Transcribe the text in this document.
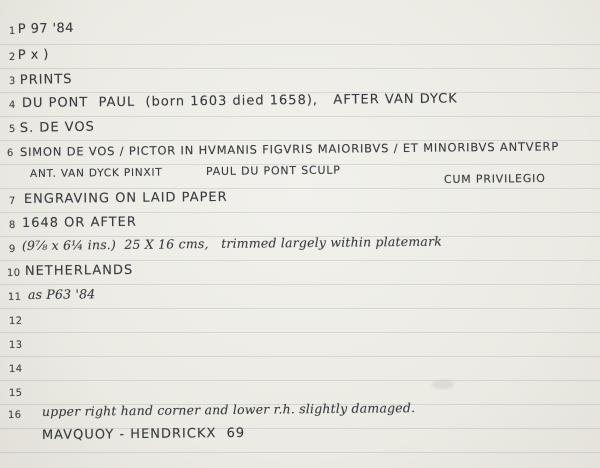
1 P 97 '84
2 P x )
3 PRINTS
4 DU PONT  PAUL  (born 1603 died 1658),   AFTER VAN DYCK
5 S. DE VOS
6 SIMON DE VOS / PICTOR IN HVMANIS FIGVRIS MAIORIBVS / ET MINORIBVS ANTVERP
ANT. VAN DYCK PINXIT	PAUL DU PONT SCULP
CUM PRIVILEGIO
7 ENGRAVING ON LAID PAPER
8 1648 OR AFTER
9 (9⅞ x 6¼ ins.)  25 X 16 cms,   trimmed largely within platemark
10 NETHERLANDS
11 as P63 '84
12
13
14
15
16 upper right hand corner and lower r.h. slightly damaged.
MAVQUOY - HENDRICKX  69
